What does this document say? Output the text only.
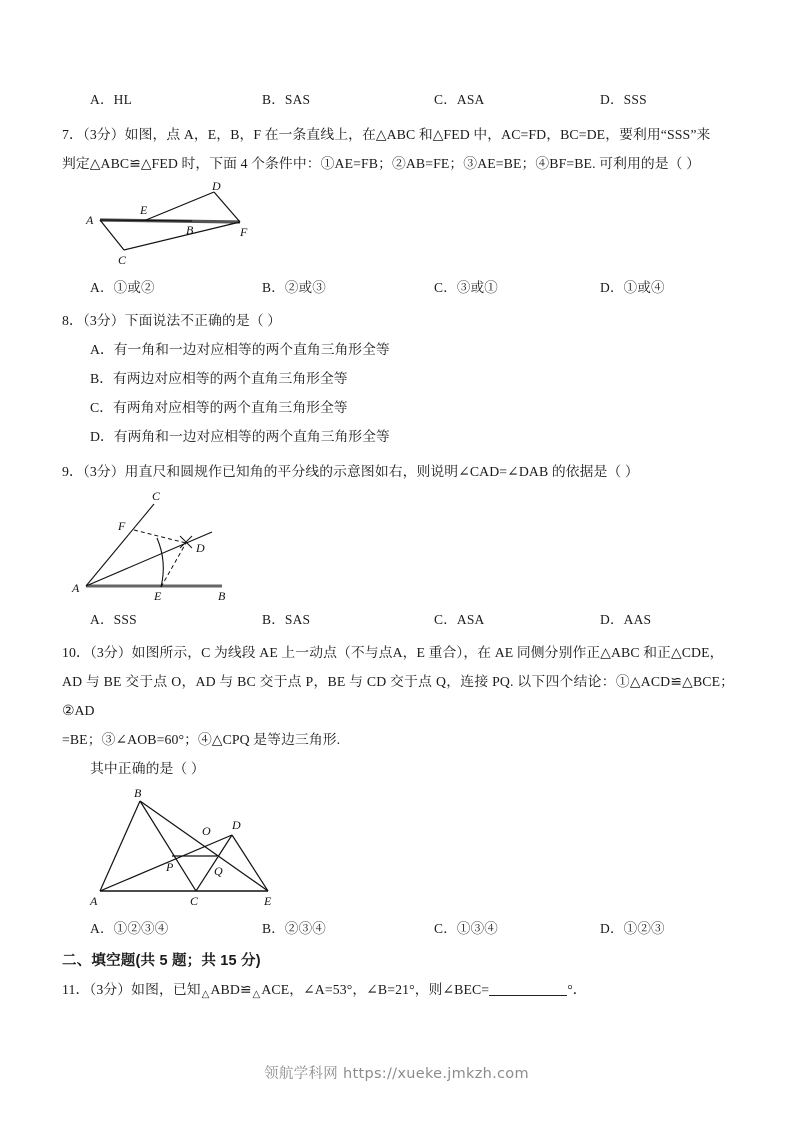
A．HL	B．SAS	C．ASA	D．SSS
7．（3分）如图，点 A，E，B，F 在一条直线上，在△ABC 和△FED 中，AC=FD，BC=DE，要利用“SSS”来
判定△ABC≌△FED 时，下面 4 个条件中：①AE=FB；②AB=FE；③AE=BE；④BF=BE. 可利用的是（ ）
A
E
B	F
C
D
A．①或②	B．②或③	C．③或①	D．①或④
8．（3分）下面说法不正确的是（ ）
A．有一角和一边对应相等的两个直角三角形全等
B．有两边对应相等的两个直角三角形全等
C．有两角对应相等的两个直角三角形全等
D．有两角和一边对应相等的两个直角三角形全等
9．（3分）用直尺和圆规作已知角的平分线的示意图如右，则说明∠CAD=∠DAB 的依据是（ ）
C
F
D
A
E	B
A．SSS	B．SAS	C．ASA	D．AAS
10．（3分）如图所示，C 为线段 AE 上一动点（不与点A，E 重合），在 AE 同侧分别作正△ABC 和正△CDE，
AD 与 BE 交于点 O，AD 与 BC 交于点 P，BE 与 CD 交于点 Q，连接 PQ. 以下四个结论：①△ACD≌△BCE；②AD
=BE；③∠AOB=60°；④△CPQ 是等边三角形.
其中正确的是（ ）
B
O D
P	Q
A	C	E
A．①②③④	B．②③④	C．①③④	D．①②③
二、填空题(共 5 题；共 15 分)
11．（3分）如图，已知$_\triangle ABD≌_\triangle ACE$，∠A=53°，∠B=21°，则∠BEC=	°．
领航学科网 https://xueke.jmkzh.com
